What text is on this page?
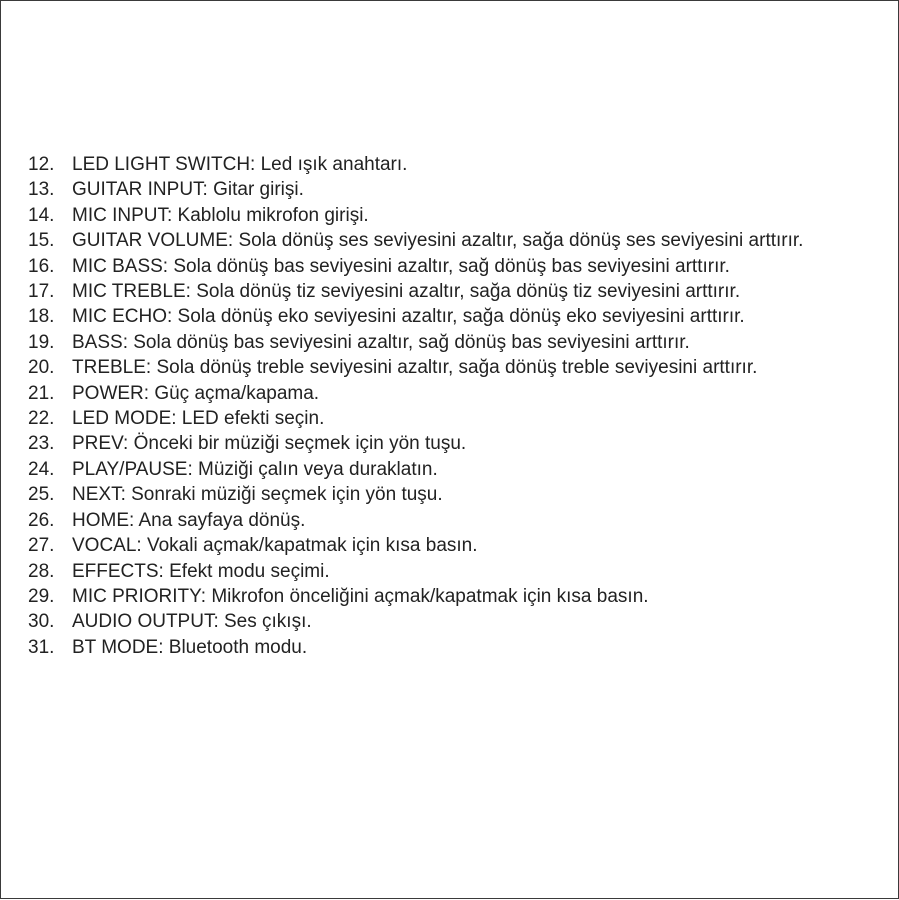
12. LED LIGHT SWITCH: Led ışık anahtarı.
13. GUITAR INPUT: Gitar girişi.
14. MIC INPUT: Kablolu mikrofon girişi.
15. GUITAR VOLUME: Sola dönüş ses seviyesini azaltır, sağa dönüş ses seviyesini arttırır.
16. MIC BASS: Sola dönüş bas seviyesini azaltır, sağ dönüş bas seviyesini arttırır.
17. MIC TREBLE: Sola dönüş tiz seviyesini azaltır, sağa dönüş tiz seviyesini arttırır.
18. MIC ECHO: Sola dönüş eko seviyesini azaltır, sağa dönüş eko seviyesini arttırır.
19. BASS: Sola dönüş bas seviyesini azaltır, sağ dönüş bas seviyesini arttırır.
20. TREBLE: Sola dönüş treble seviyesini azaltır, sağa dönüş treble seviyesini arttırır.
21. POWER: Güç açma/kapama.
22. LED MODE: LED efekti seçin.
23. PREV: Önceki bir müziği seçmek için yön tuşu.
24. PLAY/PAUSE: Müziği çalın veya duraklatın.
25. NEXT: Sonraki müziği seçmek için yön tuşu.
26. HOME: Ana sayfaya dönüş.
27. VOCAL: Vokali açmak/kapatmak için kısa basın.
28. EFFECTS: Efekt modu seçimi.
29. MIC PRIORITY: Mikrofon önceliğini açmak/kapatmak için kısa basın.
30. AUDIO OUTPUT: Ses çıkışı.
31. BT MODE: Bluetooth modu.
